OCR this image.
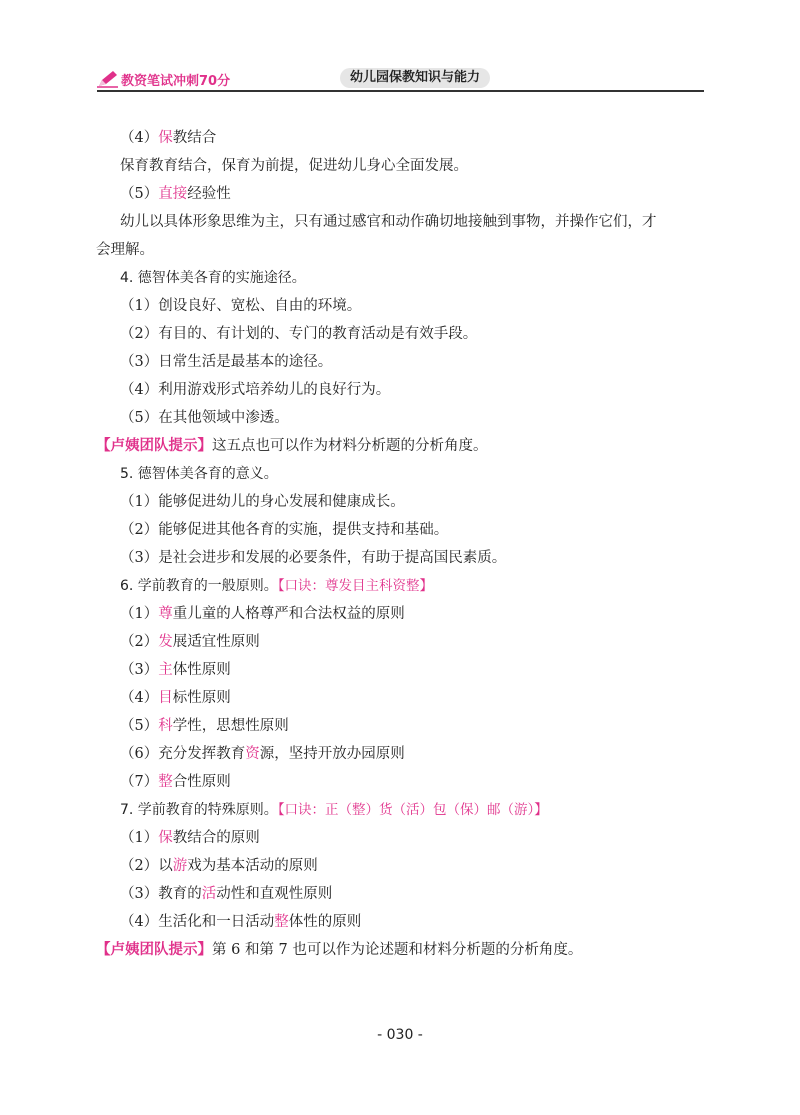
教资笔试冲刺70分	幼儿园保教知识与能力
（4）保教结合
保育教育结合，保育为前提，促进幼儿身心全面发展。
（5）直接经验性
幼儿以具体形象思维为主，只有通过感官和动作确切地接触到事物，并操作它们，才
会理解。
4. 德智体美各育的实施途径。
（1）创设良好、宽松、自由的环境。
（2）有目的、有计划的、专门的教育活动是有效手段。
（3）日常生活是最基本的途径。
（4）利用游戏形式培养幼儿的良好行为。
（5）在其他领域中渗透。
【卢姨团队提示】这五点也可以作为材料分析题的分析角度。
5. 德智体美各育的意义。
（1）能够促进幼儿的身心发展和健康成长。
（2）能够促进其他各育的实施，提供支持和基础。
（3）是社会进步和发展的必要条件，有助于提高国民素质。
6. 学前教育的一般原则。【口诀：尊发目主科资整】
（1）尊重儿童的人格尊严和合法权益的原则
（2）发展适宜性原则
（3）主体性原则
（4）目标性原则
（5）科学性，思想性原则
（6）充分发挥教育资源，坚持开放办园原则
（7）整合性原则
7. 学前教育的特殊原则。【口诀：正（整）货（活）包（保）邮（游）】
（1）保教结合的原则
（2）以游戏为基本活动的原则
（3）教育的活动性和直观性原则
（4）生活化和一日活动整体性的原则
【卢姨团队提示】第 6 和第 7 也可以作为论述题和材料分析题的分析角度。
- 030 -
